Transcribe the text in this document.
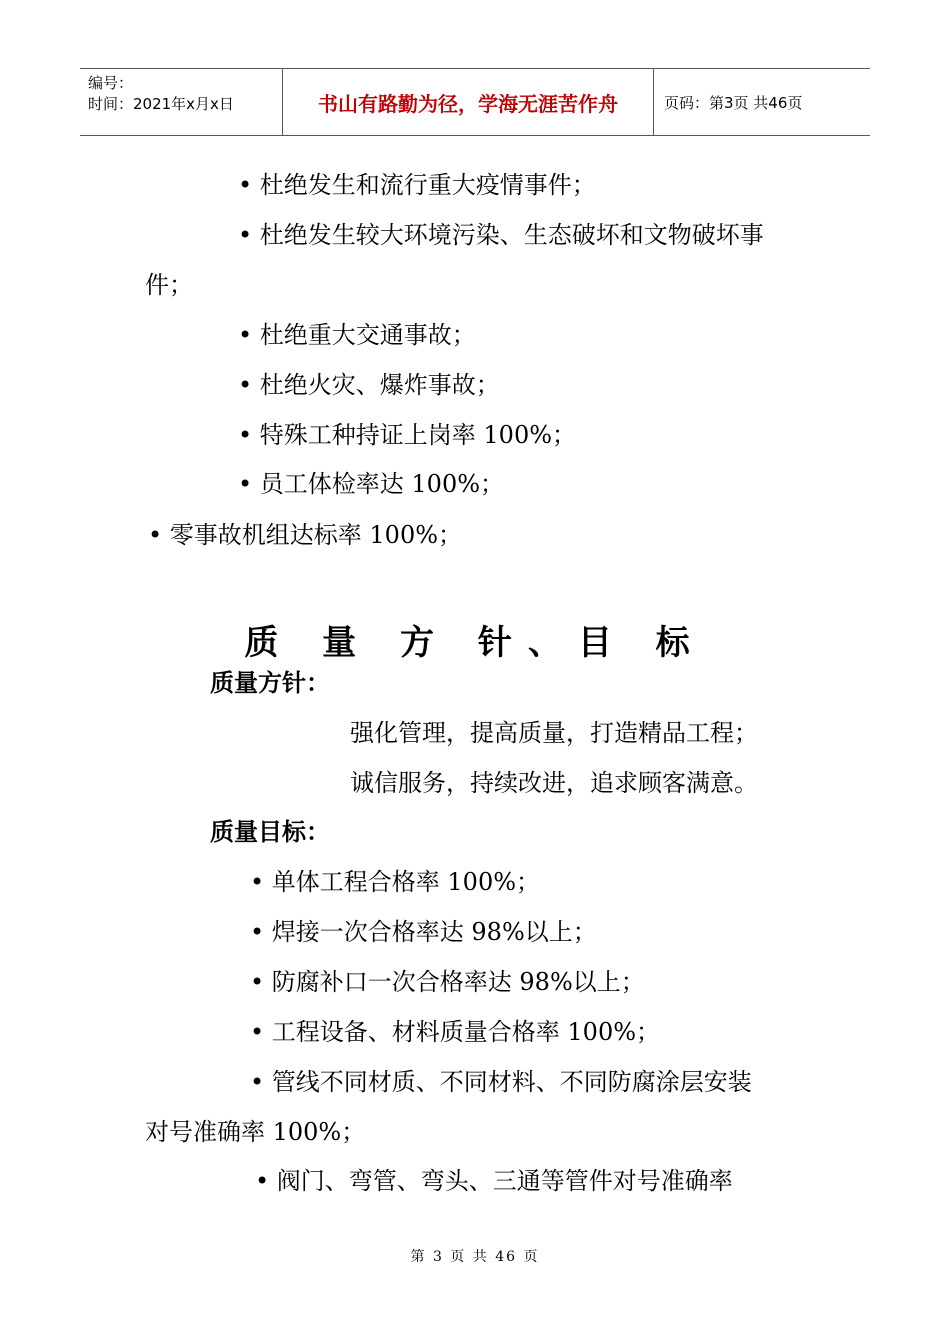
编号：
时间：2021年x月x日	书山有路勤为径，学海无涯苦作舟	页码：第3页 共46页
• 杜绝发生和流行重大疫情事件；
• 杜绝发生较大环境污染、生态破坏和文物破坏事
件；
• 杜绝重大交通事故；
• 杜绝火灾、爆炸事故；
• 特殊工种持证上岗率 100%；
• 员工体检率达 100%；
• 零事故机组达标率 100%；
质 量 方 针、目 标
质量方针：
强化管理，提高质量，打造精品工程；
诚信服务，持续改进，追求顾客满意。
质量目标：
• 单体工程合格率 100%；
• 焊接一次合格率达 98%以上；
• 防腐补口一次合格率达 98%以上；
• 工程设备、材料质量合格率 100%；
• 管线不同材质、不同材料、不同防腐涂层安装
对号准确率 100%；
• 阀门、弯管、弯头、三通等管件对号准确率
第 3 页 共 46 页
